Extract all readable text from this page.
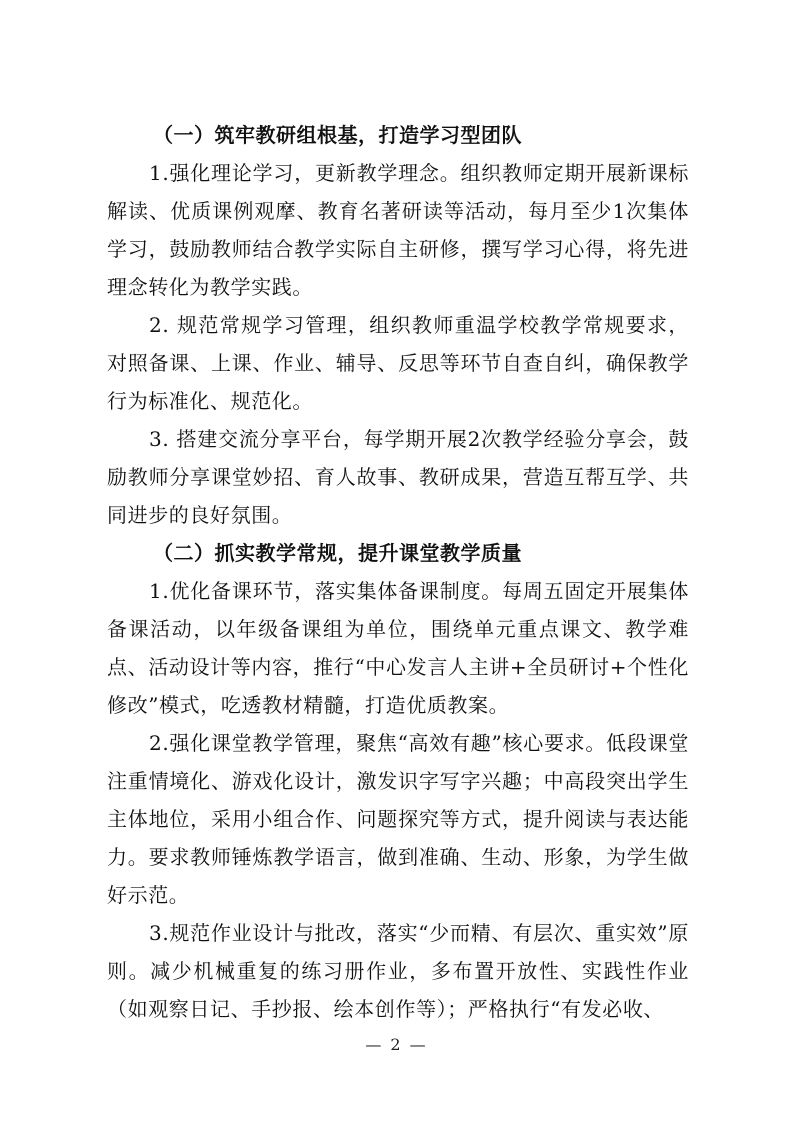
（一）筑牢教研组根基，打造学习型团队

1.强化理论学习，更新教学理念。组织教师定期开展新课标解读、优质课例观摩、教育名著研读等活动，每月至少1次集体学习，鼓励教师结合教学实际自主研修，撰写学习心得，将先进理念转化为教学实践。

2. 规范常规学习管理，组织教师重温学校教学常规要求，对照备课、上课、作业、辅导、反思等环节自查自纠，确保教学行为标准化、规范化。

3. 搭建交流分享平台，每学期开展2次教学经验分享会，鼓励教师分享课堂妙招、育人故事、教研成果，营造互帮互学、共同进步的良好氛围。

（二）抓实教学常规，提升课堂教学质量

1.优化备课环节，落实集体备课制度。每周五固定开展集体备课活动，以年级备课组为单位，围绕单元重点课文、教学难点、活动设计等内容，推行“中心发言人主讲+全员研讨+个性化修改”模式，吃透教材精髓，打造优质教案。

2.强化课堂教学管理，聚焦“高效有趣”核心要求。低段课堂注重情境化、游戏化设计，激发识字写字兴趣；中高段突出学生主体地位，采用小组合作、问题探究等方式，提升阅读与表达能力。要求教师锤炼教学语言，做到准确、生动、形象，为学生做好示范。

3.规范作业设计与批改，落实“少而精、有层次、重实效”原则。减少机械重复的练习册作业，多布置开放性、实践性作业（如观察日记、手抄报、绘本创作等）；严格执行“有发必收、

— 2 —
